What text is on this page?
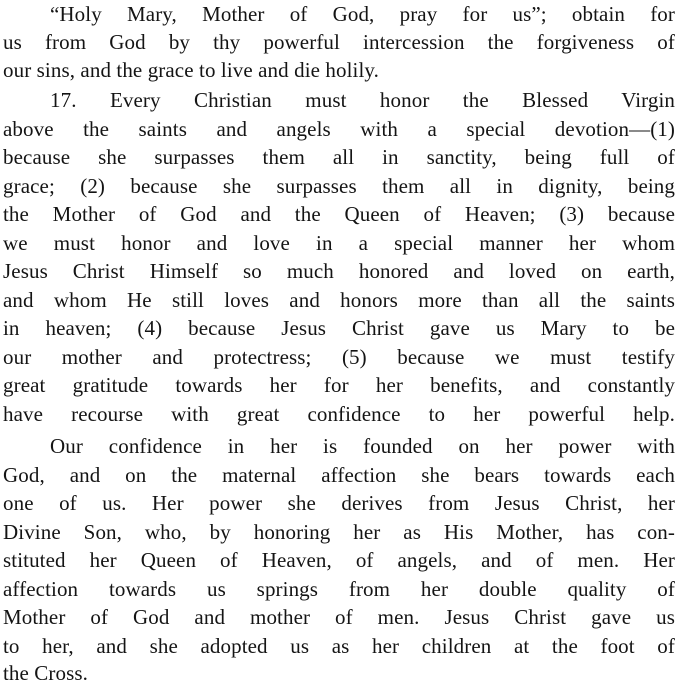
“Holy Mary, Mother of God, pray for us”; obtain for
us from God by thy powerful intercession the forgiveness of
our sins, and the grace to live and die holily.
17. Every Christian must honor the Blessed Virgin
above the saints and angels with a special devotion—(1)
because she surpasses them all in sanctity, being full of
grace; (2) because she surpasses them all in dignity, being
the Mother of God and the Queen of Heaven; (3) because
we must honor and love in a special manner her whom
Jesus Christ Himself so much honored and loved on earth,
and whom He still loves and honors more than all the saints
in heaven; (4) because Jesus Christ gave us Mary to be
our mother and protectress; (5) because we must testify
great gratitude towards her for her benefits, and constantly
have recourse with great confidence to her powerful help.
Our confidence in her is founded on her power with
God, and on the maternal affection she bears towards each
one of us. Her power she derives from Jesus Christ, her
Divine Son, who, by honoring her as His Mother, has con-
stituted her Queen of Heaven, of angels, and of men. Her
affection towards us springs from her double quality of
Mother of God and mother of men. Jesus Christ gave us
to her, and she adopted us as her children at the foot of
the Cross.
